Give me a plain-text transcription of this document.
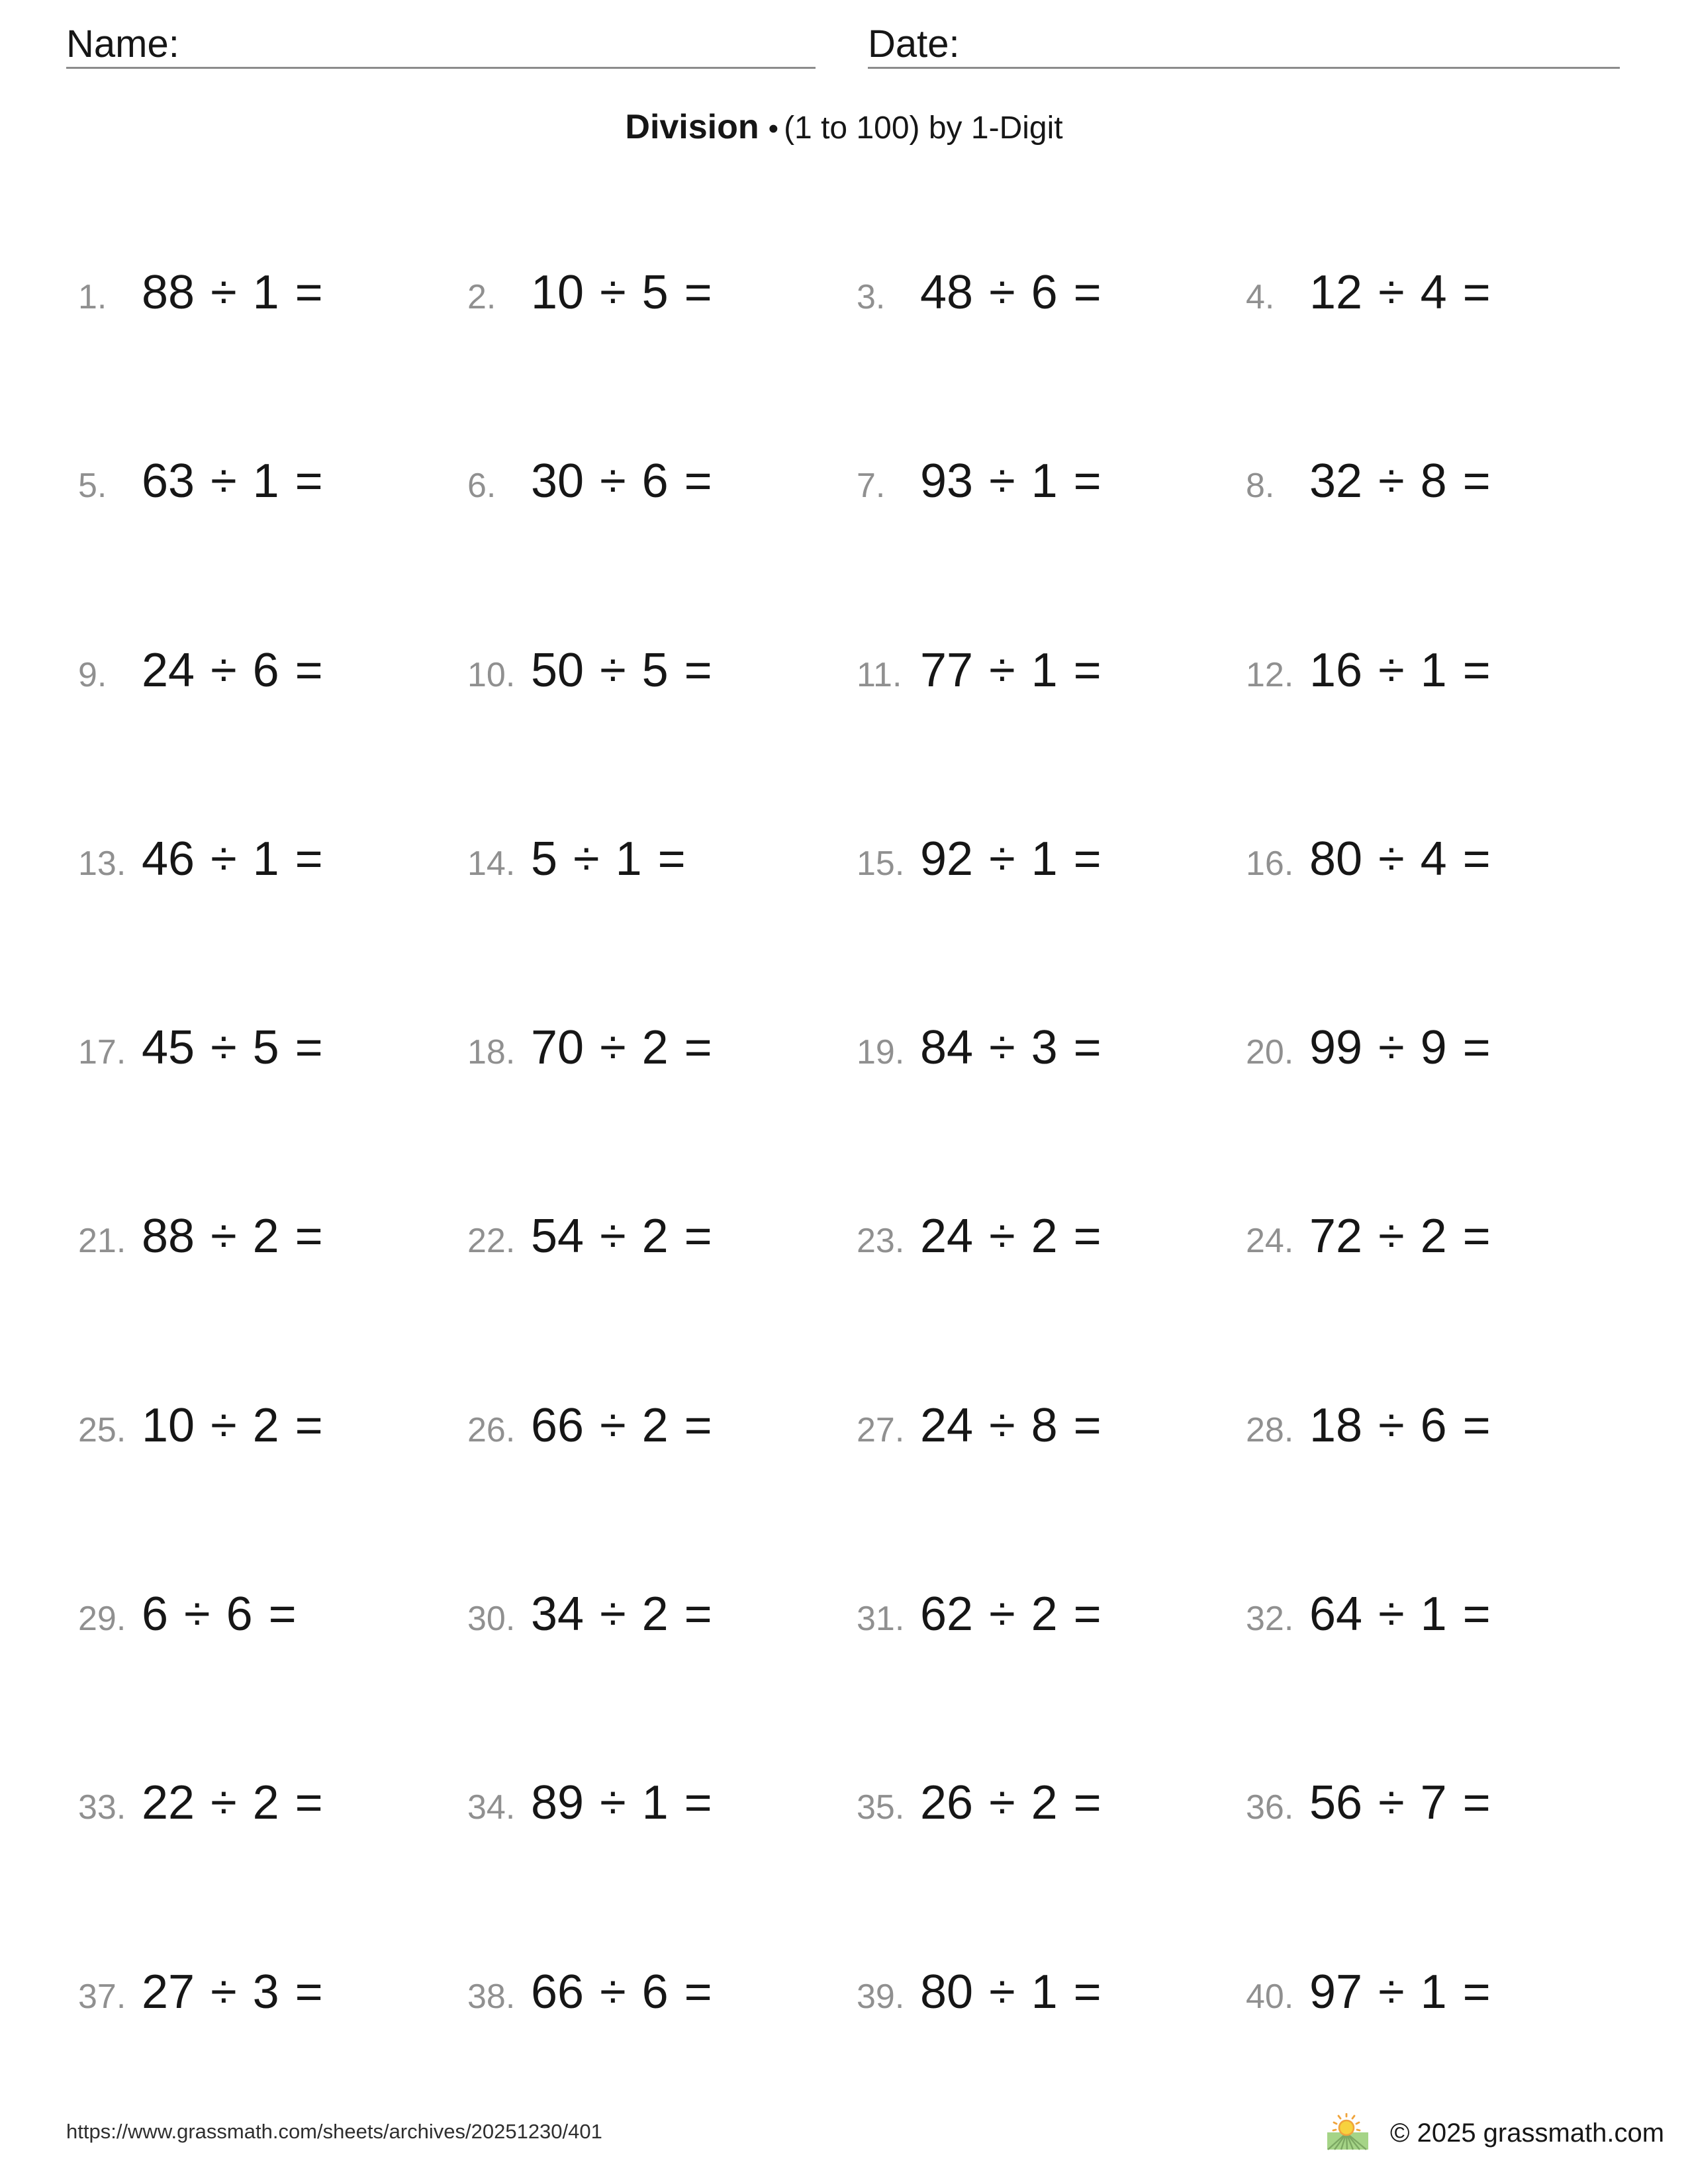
Name:	Date:
Division • (1 to 100) by 1-Digit
1. 88 ÷ 1 =	2. 10 ÷ 5 =	3. 48 ÷ 6 =	4. 12 ÷ 4 =
5. 63 ÷ 1 =	6. 30 ÷ 6 =	7. 93 ÷ 1 =	8. 32 ÷ 8 =
9. 24 ÷ 6 =	10. 50 ÷ 5 =	11. 77 ÷ 1 =	12. 16 ÷ 1 =
13. 46 ÷ 1 =	14. 5 ÷ 1 =	15. 92 ÷ 1 =	16. 80 ÷ 4 =
17. 45 ÷ 5 =	18. 70 ÷ 2 =	19. 84 ÷ 3 =	20. 99 ÷ 9 =
21. 88 ÷ 2 =	22. 54 ÷ 2 =	23. 24 ÷ 2 =	24. 72 ÷ 2 =
25. 10 ÷ 2 =	26. 66 ÷ 2 =	27. 24 ÷ 8 =	28. 18 ÷ 6 =
29. 6 ÷ 6 =	30. 34 ÷ 2 =	31. 62 ÷ 2 =	32. 64 ÷ 1 =
33. 22 ÷ 2 =	34. 89 ÷ 1 =	35. 26 ÷ 2 =	36. 56 ÷ 7 =
37. 27 ÷ 3 =	38. 66 ÷ 6 =	39. 80 ÷ 1 =	40. 97 ÷ 1 =
https://www.grassmath.com/sheets/archives/20251230/401	© 2025 grassmath.com
